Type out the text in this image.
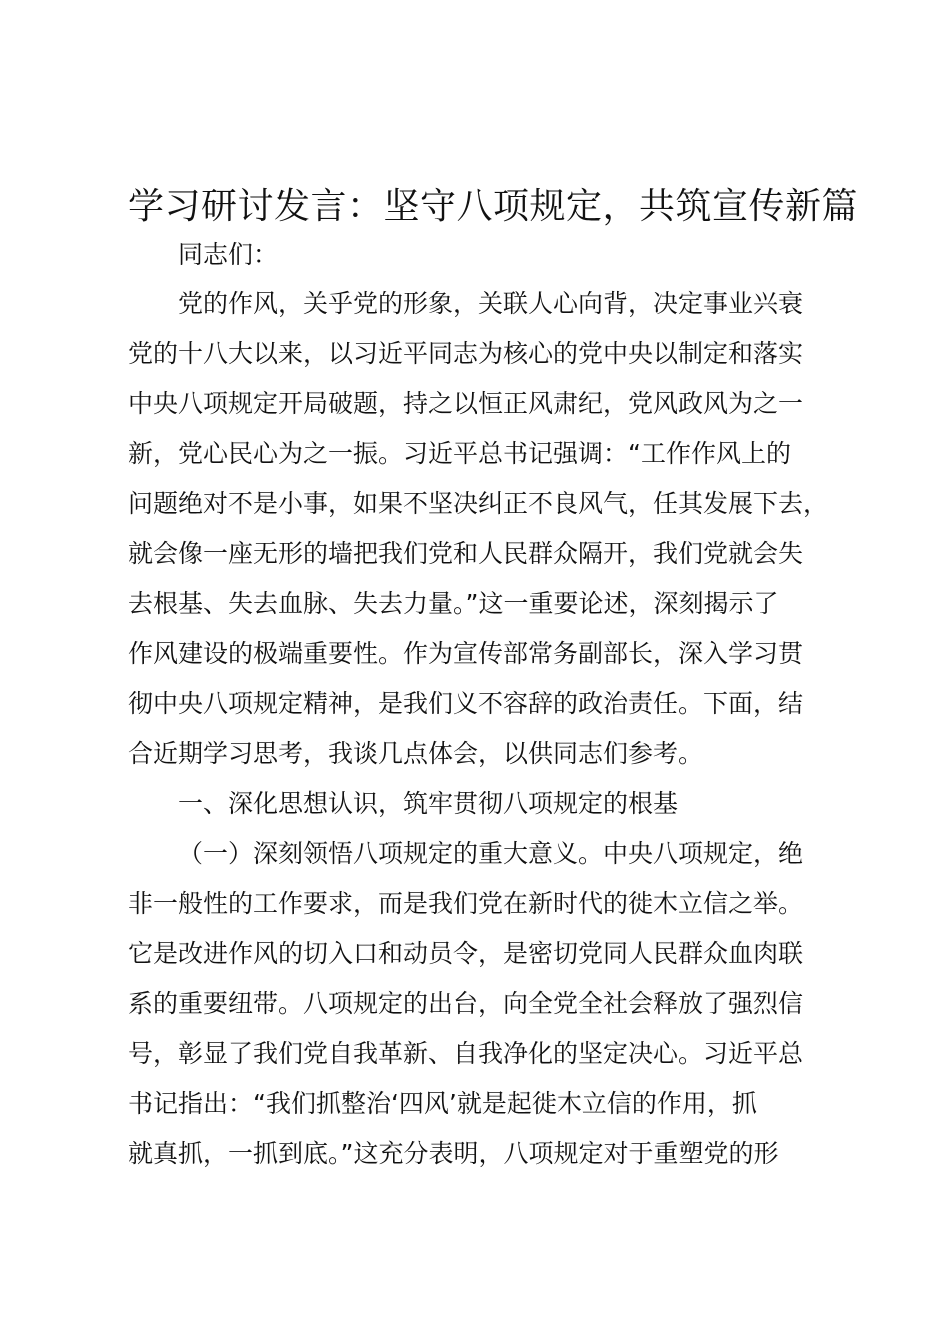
学习研讨发言：坚守八项规定，共筑宣传新篇
同志们：
党的作风，关乎党的形象，关联人心向背，决定事业兴衰
党的十八大以来，以习近平同志为核心的党中央以制定和落实
中央八项规定开局破题，持之以恒正风肃纪，党风政风为之一
新，党心民心为之一振。习近平总书记强调：“工作作风上的
问题绝对不是小事，如果不坚决纠正不良风气，任其发展下去，
就会像一座无形的墙把我们党和人民群众隔开，我们党就会失
去根基、失去血脉、失去力量。”这一重要论述，深刻揭示了
作风建设的极端重要性。作为宣传部常务副部长，深入学习贯
彻中央八项规定精神，是我们义不容辞的政治责任。下面，结
合近期学习思考，我谈几点体会，以供同志们参考。
一、深化思想认识，筑牢贯彻八项规定的根基
（一）深刻领悟八项规定的重大意义。中央八项规定，绝
非一般性的工作要求，而是我们党在新时代的徙木立信之举。
它是改进作风的切入口和动员令，是密切党同人民群众血肉联
系的重要纽带。八项规定的出台，向全党全社会释放了强烈信
号，彰显了我们党自我革新、自我净化的坚定决心。习近平总
书记指出：“我们抓整治‘四风’就是起徙木立信的作用，抓
就真抓，一抓到底。”这充分表明，八项规定对于重塑党的形
